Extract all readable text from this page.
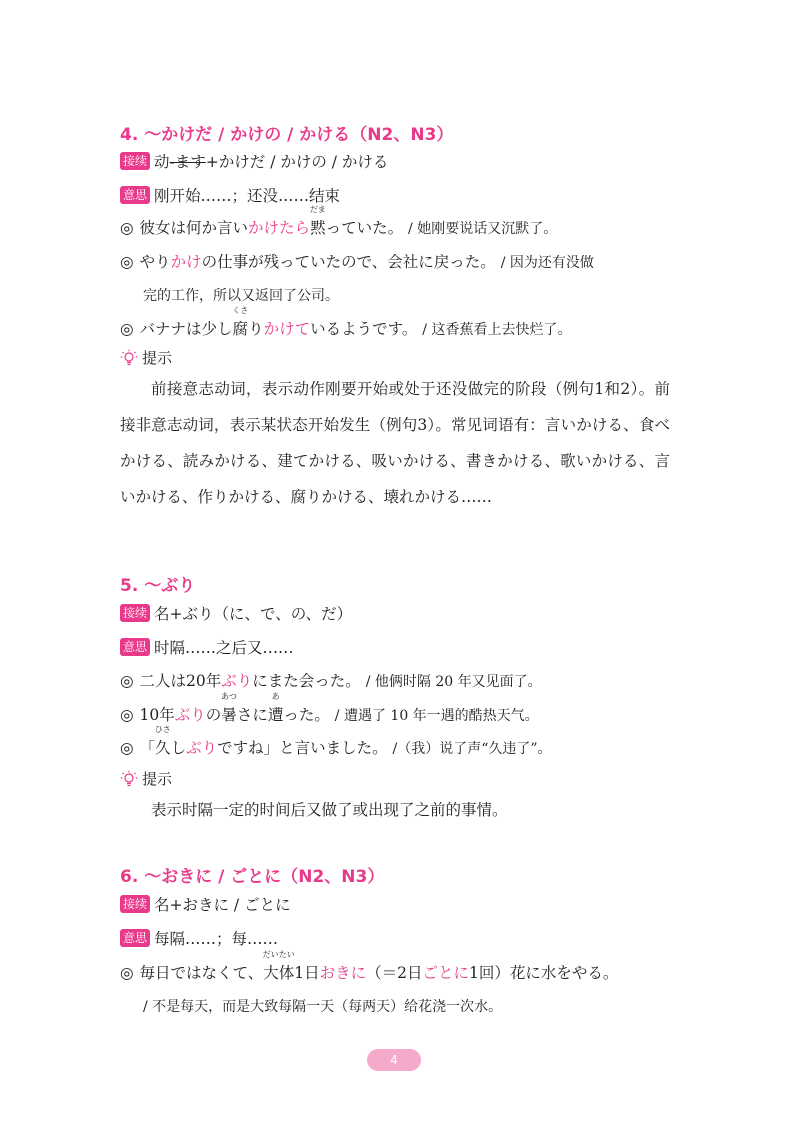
4. ～かけだ / かけの / かける（N2、N3）
接续 动-ます+かけだ / かけの / かける
意思 刚开始……；还没……结束
◎ 彼女は何か言いかけたら
だま
黙っていた。 / 她刚要说话又沉默了。
◎ やりかけの仕事が残っていたので、会社に戻った。 / 因为还有没做
完的工作，所以又返回了公司。
◎ バナナは少し
くさ
腐りかけているようです。 / 这香蕉看上去快烂了。
提示
前接意志动词，表示动作刚要开始或处于还没做完的阶段（例句1和2）。前接非意志动词，表示某状态开始发生（例句3）。常见词语有：言いかける、食べかける、読みかける、建てかける、吸いかける、書きかける、歌いかける、言いかける、作りかける、腐りかける、壊れかける……
5. ～ぶり
接续 名+ぶり（に、で、の、だ）
意思 时隔……之后又……
◎ 二人は20年ぶりにまた会った。 / 他俩时隔 20 年又见面了。
◎ 10年ぶりの
あつ
暑さに
あ
遭った。 / 遭遇了 10 年一遇的酷热天气。
◎ 「
ひさ
久しぶりですね」と言いました。 /（我）说了声“久违了”。
提示
表示时隔一定的时间后又做了或出现了之前的事情。
6. ～おきに / ごとに（N2、N3）
接续 名+おきに / ごとに
意思 每隔……；每……
◎ 毎日ではなくて、
だいたい
大体1日おきに（＝2日ごとに1回）花に水をやる。
/ 不是每天，而是大致每隔一天（每两天）给花浇一次水。
4
